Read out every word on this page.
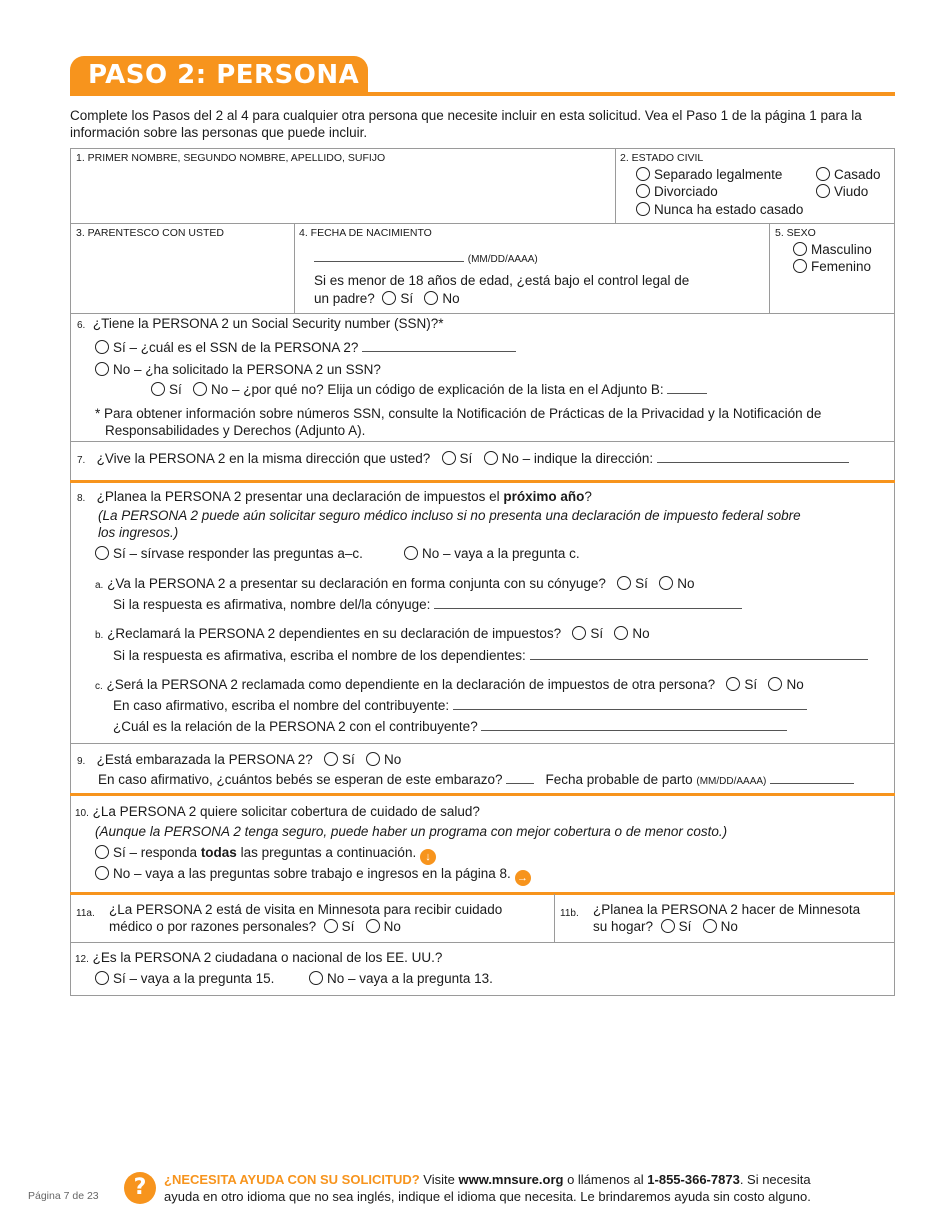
PASO 2: PERSONA 2
Complete los Pasos del 2 al 4 para cualquier otra persona que necesite incluir en esta solicitud. Vea el Paso 1 de la página 1 para la información sobre las personas que puede incluir.
1. PRIMER NOMBRE, SEGUNDO NOMBRE, APELLIDO, SUFIJO	2. ESTADO CIVIL
Separado legalmente	Casado
Divorciado	Viudo
Nunca ha estado casado
3. PARENTESCO CON USTED	4. FECHA DE NACIMIENTO
(MM/DD/AAAA)
Si es menor de 18 años de edad, ¿está bajo el control legal de
un padre? Sí No
5. SEXO
Masculino
Femenino
6. ¿Tiene la PERSONA 2 un Social Security number (SSN)?*
Sí – ¿cuál es el SSN de la PERSONA 2?
No – ¿ha solicitado la PERSONA 2 un SSN?
Sí No – ¿por qué no? Elija un código de explicación de la lista en el Adjunto B:
* Para obtener información sobre números SSN, consulte la Notificación de Prácticas de la Privacidad y la Notificación de
Responsabilidades y Derechos (Adjunto A).
7. ¿Vive la PERSONA 2 en la misma dirección que usted? Sí No – indique la dirección:
8. ¿Planea la PERSONA 2 presentar una declaración de impuestos el próximo año?
(La PERSONA 2 puede aún solicitar seguro médico incluso si no presenta una declaración de impuesto federal sobre
los ingresos.)
Sí – sírvase responder las preguntas a–c.	No – vaya a la pregunta c.
a. ¿Va la PERSONA 2 a presentar su declaración en forma conjunta con su cónyuge? Sí No
Si la respuesta es afirmativa, nombre del/la cónyuge:
b. ¿Reclamará la PERSONA 2 dependientes en su declaración de impuestos? Sí No
Si la respuesta es afirmativa, escriba el nombre de los dependientes:
c. ¿Será la PERSONA 2 reclamada como dependiente en la declaración de impuestos de otra persona? Sí No
En caso afirmativo, escriba el nombre del contribuyente:
¿Cuál es la relación de la PERSONA 2 con el contribuyente?
9. ¿Está embarazada la PERSONA 2? Sí No
En caso afirmativo, ¿cuántos bebés se esperan de este embarazo?	Fecha probable de parto (MM/DD/AAAA)
10. ¿La PERSONA 2 quiere solicitar cobertura de cuidado de salud?
(Aunque la PERSONA 2 tenga seguro, puede haber un programa con mejor cobertura o de menor costo.)
Sí – responda todas las preguntas a continuación. ↓
No – vaya a las preguntas sobre trabajo e ingresos en la página 8. →
11a. ¿La PERSONA 2 está de visita en Minnesota para recibir cuidado
médico o por razones personales? Sí No
11b. ¿Planea la PERSONA 2 hacer de Minnesota
su hogar? Sí No
12. ¿Es la PERSONA 2 ciudadana o nacional de los EE. UU.?
Sí – vaya a la pregunta 15.	No – vaya a la pregunta 13.
Página 7 de 23	?	¿NECESITA AYUDA CON SU SOLICITUD? Visite www.mnsure.org o llámenos al 1-855-366-7873. Si necesita
ayuda en otro idioma que no sea inglés, indique el idioma que necesita. Le brindaremos ayuda sin costo alguno.
